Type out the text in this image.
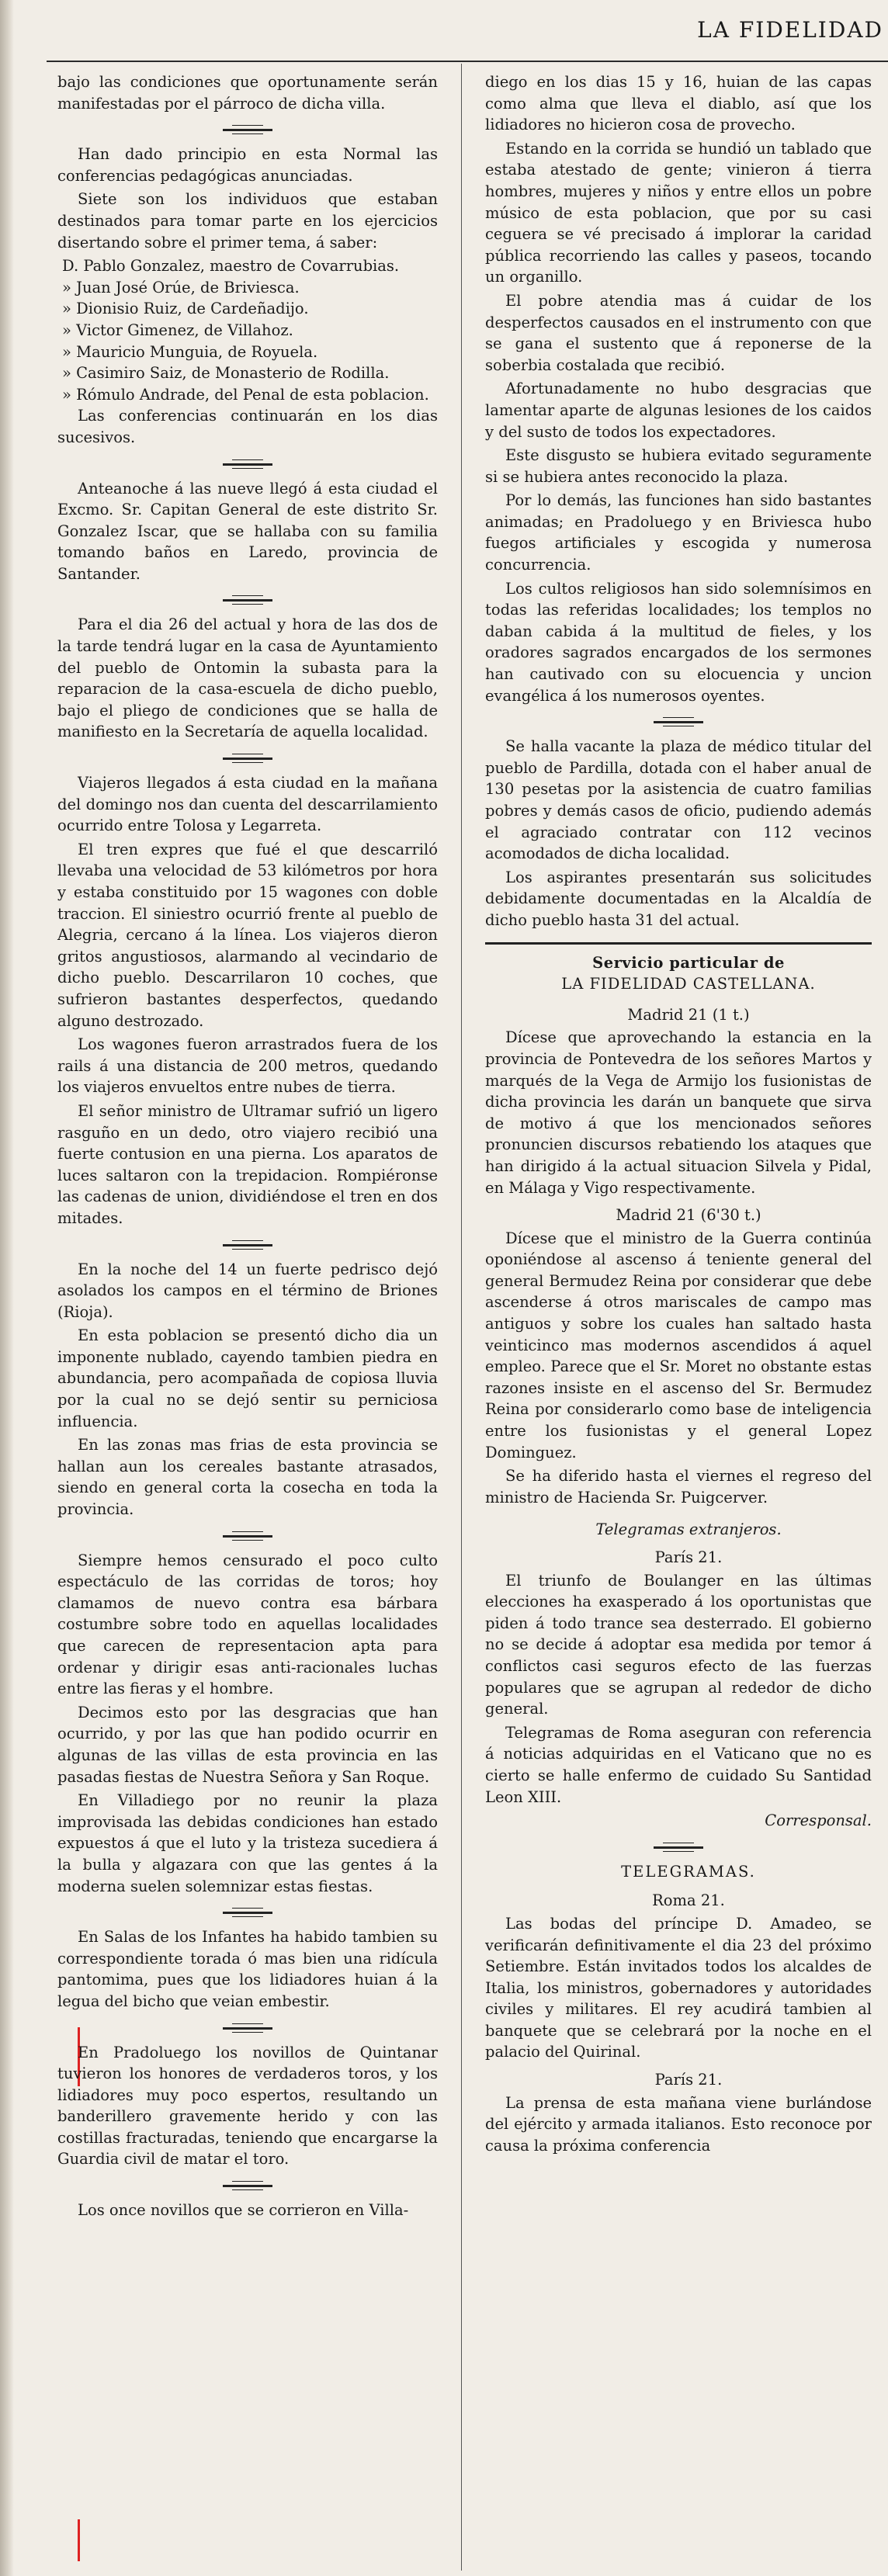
LA FIDELIDAD

bajo las condiciones que oportunamente serán manifestadas por el párroco de dicha villa.

Han dado principio en esta Normal las conferencias pedagógicas anunciadas.

Siete son los individuos que estaban destinados para tomar parte en los ejercicios disertando sobre el primer tema, á saber:

D. Pablo Gonzalez, maestro de Covarrubias.
» Juan José Orúe, de Briviesca.
» Dionisio Ruiz, de Cardeñadijo.
» Victor Gimenez, de Villahoz.
» Mauricio Munguia, de Royuela.
» Casimiro Saiz, de Monasterio de Rodilla.
» Rómulo Andrade, del Penal de esta poblacion.

Las conferencias continuarán en los dias sucesivos.

Anteanoche á las nueve llegó á esta ciudad el Excmo. Sr. Capitan General de este distrito Sr. Gonzalez Iscar, que se hallaba con su familia tomando baños en Laredo, provincia de Santander.

Para el dia 26 del actual y hora de las dos de la tarde tendrá lugar en la casa de Ayuntamiento del pueblo de Ontomin la subasta para la reparacion de la casa-escuela de dicho pueblo, bajo el pliego de condiciones que se halla de manifiesto en la Secretaría de aquella localidad.

Viajeros llegados á esta ciudad en la mañana del domingo nos dan cuenta del descarrilamiento ocurrido entre Tolosa y Legarreta.

El tren expres que fué el que descarriló llevaba una velocidad de 53 kilómetros por hora y estaba constituido por 15 wagones con doble traccion. El siniestro ocurrió frente al pueblo de Alegria, cercano á la línea. Los viajeros dieron gritos angustiosos, alarmando al vecindario de dicho pueblo. Descarrilaron 10 coches, que sufrieron bastantes desperfectos, quedando alguno destrozado.

Los wagones fueron arrastrados fuera de los rails á una distancia de 200 metros, quedando los viajeros envueltos entre nubes de tierra.

El señor ministro de Ultramar sufrió un ligero rasguño en un dedo, otro viajero recibió una fuerte contusion en una pierna. Los aparatos de luces saltaron con la trepidacion. Rompiéronse las cadenas de union, dividiéndose el tren en dos mitades.

En la noche del 14 un fuerte pedrisco dejó asolados los campos en el término de Briones (Rioja).

En esta poblacion se presentó dicho dia un imponente nublado, cayendo tambien piedra en abundancia, pero acompañada de copiosa lluvia por la cual no se dejó sentir su perniciosa influencia.

En las zonas mas frias de esta provincia se hallan aun los cereales bastante atrasados, siendo en general corta la cosecha en toda la provincia.

Siempre hemos censurado el poco culto espectáculo de las corridas de toros; hoy clamamos de nuevo contra esa bárbara costumbre sobre todo en aquellas localidades que carecen de representacion apta para ordenar y dirigir esas anti-racionales luchas entre las fieras y el hombre.

Decimos esto por las desgracias que han ocurrido, y por las que han podido ocurrir en algunas de las villas de esta provincia en las pasadas fiestas de Nuestra Señora y San Roque.

En Villadiego por no reunir la plaza improvisada las debidas condiciones han estado expuestos á que el luto y la tristeza sucediera á la bulla y algazara con que las gentes á la moderna suelen solemnizar estas fiestas.

En Salas de los Infantes ha habido tambien su correspondiente torada ó mas bien una ridícula pantomima, pues que los lidiadores huian á la legua del bicho que veian embestir.

En Pradoluego los novillos de Quintanar tuvieron los honores de verdaderos toros, y los lidiadores muy poco espertos, resultando un banderillero gravemente herido y con las costillas fracturadas, teniendo que encargarse la Guardia civil de matar el toro.

Los once novillos que se corrieron en Villa-

diego en los dias 15 y 16, huian de las capas como alma que lleva el diablo, así que los lidiadores no hicieron cosa de provecho.

Estando en la corrida se hundió un tablado que estaba atestado de gente; vinieron á tierra hombres, mujeres y niños y entre ellos un pobre músico de esta poblacion, que por su casi ceguera se vé precisado á implorar la caridad pública recorriendo las calles y paseos, tocando un organillo.

El pobre atendia mas á cuidar de los desperfectos causados en el instrumento con que se gana el sustento que á reponerse de la soberbia costalada que recibió.

Afortunadamente no hubo desgracias que lamentar aparte de algunas lesiones de los caidos y del susto de todos los expectadores.

Este disgusto se hubiera evitado seguramente si se hubiera antes reconocido la plaza.

Por lo demás, las funciones han sido bastantes animadas; en Pradoluego y en Briviesca hubo fuegos artificiales y escogida y numerosa concurrencia.

Los cultos religiosos han sido solemnísimos en todas las referidas localidades; los templos no daban cabida á la multitud de fieles, y los oradores sagrados encargados de los sermones han cautivado con su elocuencia y uncion evangélica á los numerosos oyentes.

Se halla vacante la plaza de médico titular del pueblo de Pardilla, dotada con el haber anual de 130 pesetas por la asistencia de cuatro familias pobres y demás casos de oficio, pudiendo además el agraciado contratar con 112 vecinos acomodados de dicha localidad.

Los aspirantes presentarán sus solicitudes debidamente documentadas en la Alcaldía de dicho pueblo hasta 31 del actual.

Servicio particular de

LA FIDELIDAD CASTELLANA.

Madrid 21 (1 t.)

Dícese que aprovechando la estancia en la provincia de Pontevedra de los señores Martos y marqués de la Vega de Armijo los fusionistas de dicha provincia les darán un banquete que sirva de motivo á que los mencionados señores pronuncien discursos rebatiendo los ataques que han dirigido á la actual situacion Silvela y Pidal, en Málaga y Vigo respectivamente.

Madrid 21 (6'30 t.)

Dícese que el ministro de la Guerra continúa oponiéndose al ascenso á teniente general del general Bermudez Reina por considerar que debe ascenderse á otros mariscales de campo mas antiguos y sobre los cuales han saltado hasta veinticinco mas modernos ascendidos á aquel empleo. Parece que el Sr. Moret no obstante estas razones insiste en el ascenso del Sr. Bermudez Reina por considerarlo como base de inteligencia entre los fusionistas y el general Lopez Dominguez.

Se ha diferido hasta el viernes el regreso del ministro de Hacienda Sr. Puigcerver.

Telegramas extranjeros.

París 21.

El triunfo de Boulanger en las últimas elecciones ha exasperado á los oportunistas que piden á todo trance sea desterrado. El gobierno no se decide á adoptar esa medida por temor á conflictos casi seguros efecto de las fuerzas populares que se agrupan al rededor de dicho general.

Telegramas de Roma aseguran con referencia á noticias adquiridas en el Vaticano que no es cierto se halle enfermo de cuidado Su Santidad Leon XIII.

Corresponsal.

TELEGRAMAS.

Roma 21.

Las bodas del príncipe D. Amadeo, se verificarán definitivamente el dia 23 del próximo Setiembre. Están invitados todos los alcaldes de Italia, los ministros, gobernadores y autoridades civiles y militares. El rey acudirá tambien al banquete que se celebrará por la noche en el palacio del Quirinal.

París 21.

La prensa de esta mañana viene burlándose del ejército y armada italianos. Esto reconoce por causa la próxima conferencia
